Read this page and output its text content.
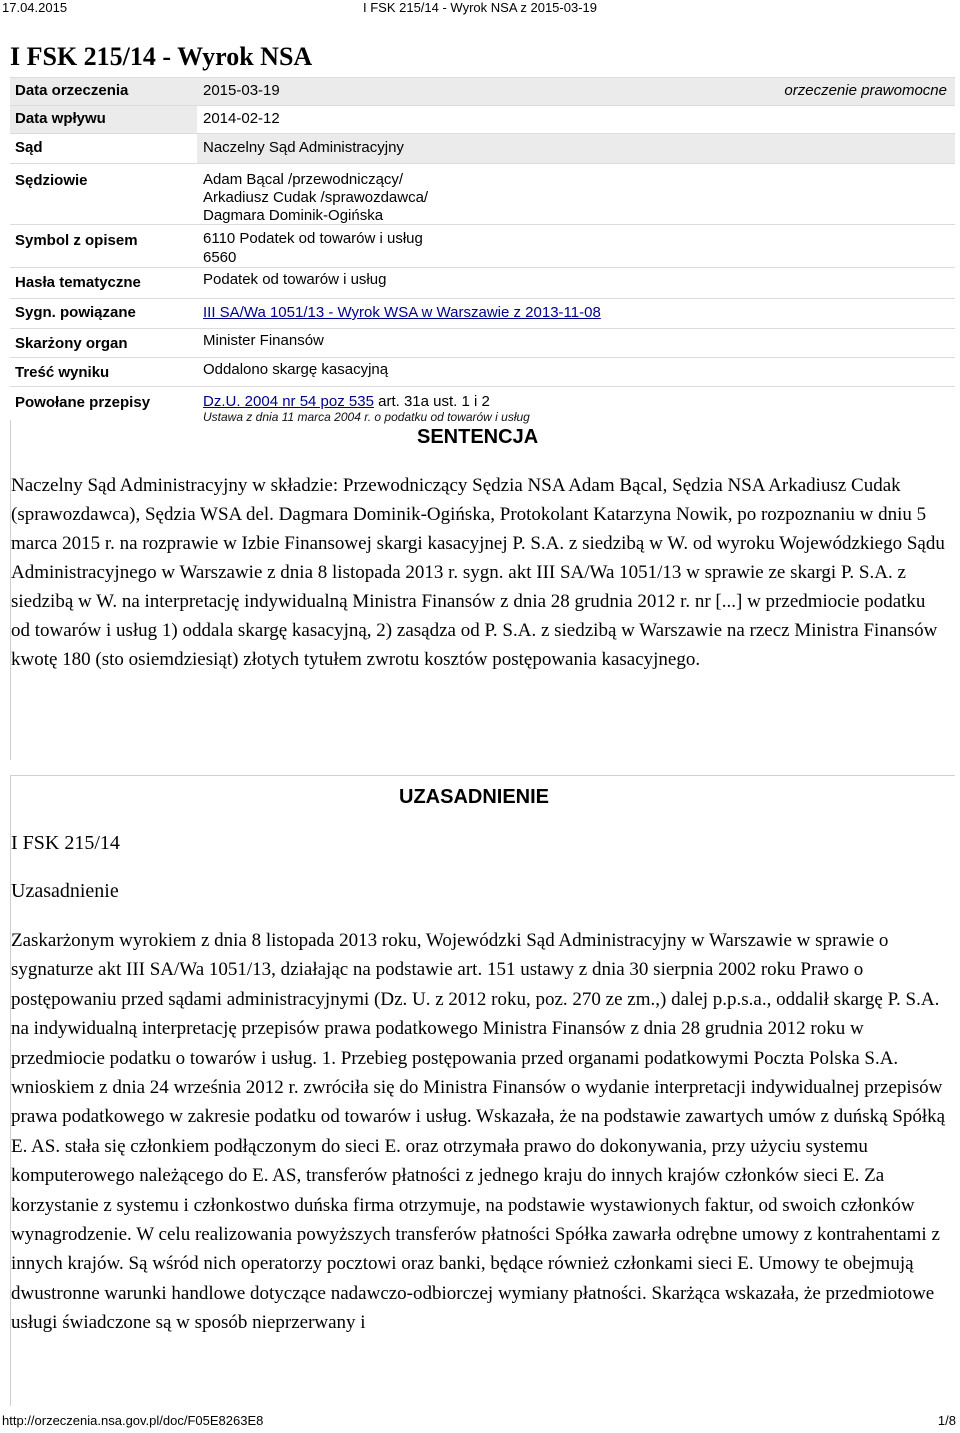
17.04.2015	I FSK 215/14 - Wyrok NSA z 2015-03-19
I FSK 215/14 - Wyrok NSA
Data orzeczenia	2015-03-19	orzeczenie prawomocne
Data wpływu	2014-02-12
Sąd	Naczelny Sąd Administracyjny
Sędziowie	Adam Bącal /przewodniczący/
Arkadiusz Cudak /sprawozdawca/
Dagmara Dominik-Ogińska
Symbol z opisem	6110 Podatek od towarów i usług
6560
Hasła tematyczne	Podatek od towarów i usług
Sygn. powiązane	III SA/Wa 1051/13 - Wyrok WSA w Warszawie z 2013-11-08
Skarżony organ	Minister Finansów
Treść wyniku	Oddalono skargę kasacyjną
Powołane przepisy	Dz.U. 2004 nr 54 poz 535 art. 31a ust. 1 i 2
Ustawa z dnia 11 marca 2004 r. o podatku od towarów i usług
SENTENCJA
Naczelny Sąd Administracyjny w składzie: Przewodniczący Sędzia NSA Adam Bącal, Sędzia NSA Arkadiusz Cudak (sprawozdawca), Sędzia WSA del. Dagmara Dominik-Ogińska, Protokolant Katarzyna Nowik, po rozpoznaniu w dniu 5 marca 2015 r. na rozprawie w Izbie Finansowej skargi kasacyjnej P. S.A. z siedzibą w W. od wyroku Wojewódzkiego Sądu Administracyjnego w Warszawie z dnia 8 listopada 2013 r. sygn. akt III SA/Wa 1051/13 w sprawie ze skargi P. S.A. z siedzibą w W. na interpretację indywidualną Ministra Finansów z dnia 28 grudnia 2012 r. nr [...] w przedmiocie podatku od towarów i usług 1) oddala skargę kasacyjną, 2) zasądza od P. S.A. z siedzibą w Warszawie na rzecz Ministra Finansów kwotę 180 (sto osiemdziesiąt) złotych tytułem zwrotu kosztów postępowania kasacyjnego.
UZASADNIENIE
I FSK 215/14
Uzasadnienie
Zaskarżonym wyrokiem z dnia 8 listopada 2013 roku, Wojewódzki Sąd Administracyjny w Warszawie w sprawie o sygnaturze akt III SA/Wa 1051/13, działając na podstawie art. 151 ustawy z dnia 30 sierpnia 2002 roku Prawo o postępowaniu przed sądami administracyjnymi (Dz. U. z 2012 roku, poz. 270 ze zm.,) dalej p.p.s.a., oddalił skargę P. S.A. na indywidualną interpretację przepisów prawa podatkowego Ministra Finansów z dnia 28 grudnia 2012 roku w przedmiocie podatku o towarów i usług. 1. Przebieg postępowania przed organami podatkowymi Poczta Polska S.A. wnioskiem z dnia 24 września 2012 r. zwróciła się do Ministra Finansów o wydanie interpretacji indywidualnej przepisów prawa podatkowego w zakresie podatku od towarów i usług. Wskazała, że na podstawie zawartych umów z duńską Spółką E. AS. stała się członkiem podłączonym do sieci E. oraz otrzymała prawo do dokonywania, przy użyciu systemu komputerowego należącego do E. AS, transferów płatności z jednego kraju do innych krajów członków sieci E. Za korzystanie z systemu i członkostwo duńska firma otrzymuje, na podstawie wystawionych faktur, od swoich członków wynagrodzenie. W celu realizowania powyższych transferów płatności Spółka zawarła odrębne umowy z kontrahentami z innych krajów. Są wśród nich operatorzy pocztowi oraz banki, będące również członkami sieci E. Umowy te obejmują dwustronne warunki handlowe dotyczące nadawczo-odbiorczej wymiany płatności. Skarżąca wskazała, że przedmiotowe usługi świadczone są w sposób nieprzerwany i
http://orzeczenia.nsa.gov.pl/doc/F05E8263E8	1/8
